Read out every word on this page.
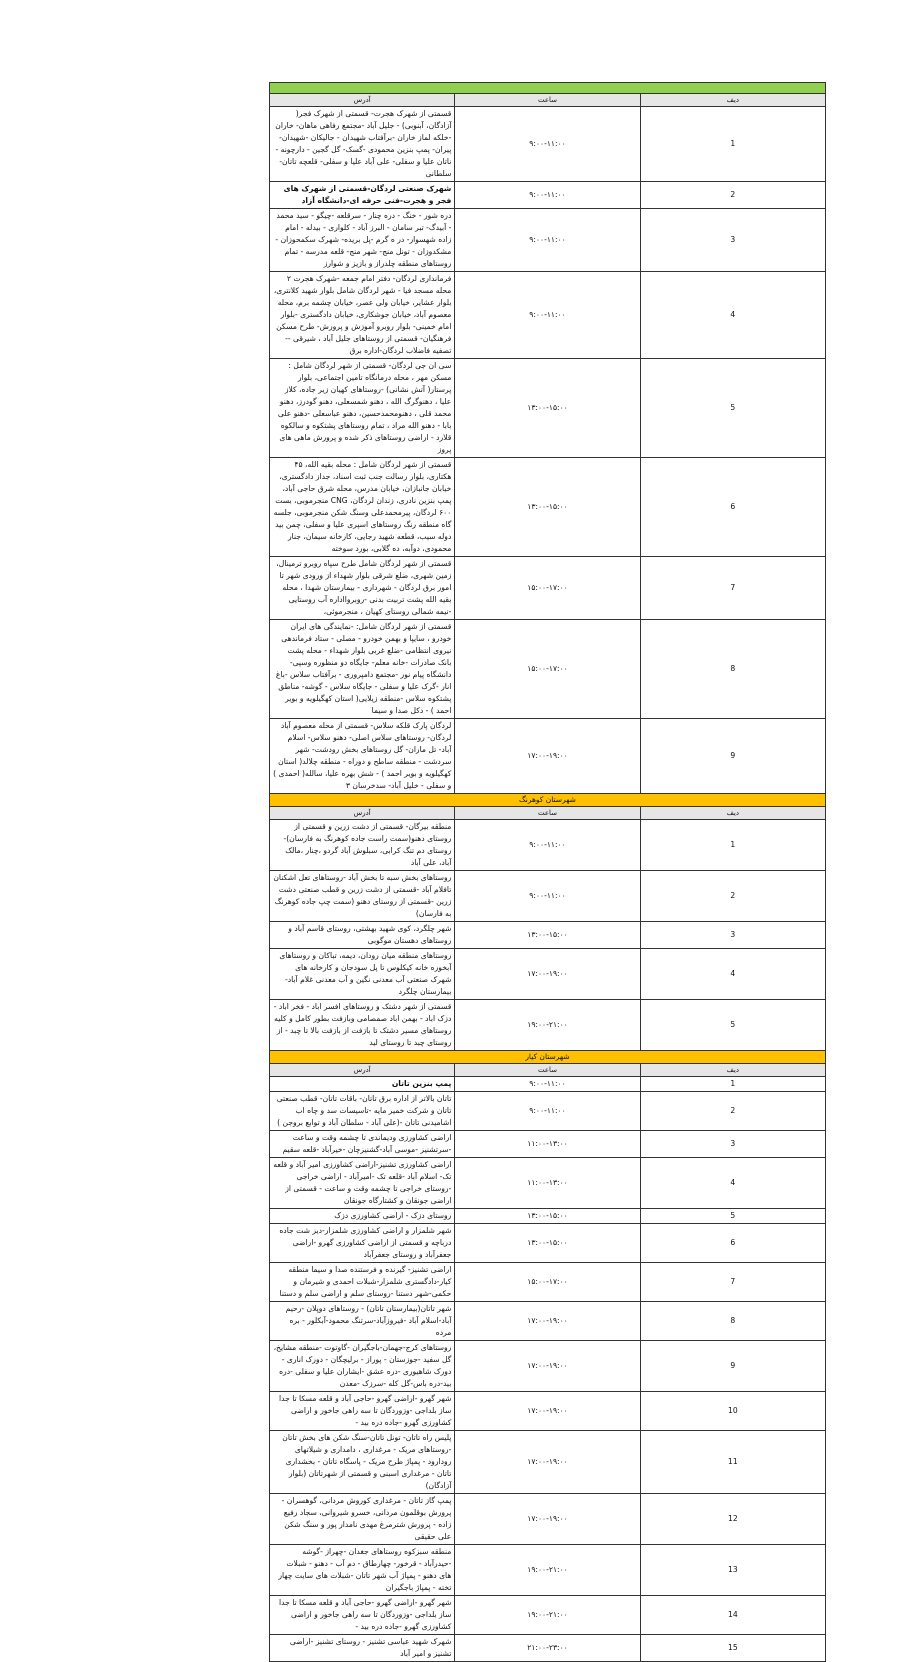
دیف	ساعت	آدرس
1	۹:۰۰-۱۱:۰۰	قسمتی از شهرک هجرت- قسمتی از شهرک فجر( آزادگان، آبنوبی) - جلیل آباد -مجتمع رفاهی ماهان- خاران -خلکه لماز خاران -برآفتاب شهیدان - جالیکان -شهیدان- پیران- پمپ بنزین محمودی -گسک- گل گجین - دارچونه - ناتان علیا و سفلی- علی آباد علیا و سفلی- قلعچه تاتان- سلطانی
2	۹:۰۰-۱۱:۰۰	شهرک صنعتی لردگان-قسمتی از شهرک های فجر و هجرت-فنی حرفه ای-دانشگاه آزاد
3	۹:۰۰-۱۱:۰۰	دره شور - خنگ - دره چنار - سرقلعه -چیگو - سید محمد - آبیدگ- تبر سامان - البرز آباد - کلواری - بیدله - امام زاده شهسوار- در ه گرم -پل بریده- شهرک سکمحوزان - مشکدوزان - تونل منج- شهر منج- قلعه مدرسه - تمام روستاهای منطقه چلدراز و بازیز و شوارز
4	۹:۰۰-۱۱:۰۰	فرمانداری لردگان- دفتر امام جمعه -شهرک هجرت ۲ محله مسجد فیا - شهر لردگان شامل بلوار شهید کلانتری، بلوار عشایر، خیابان ولی عصر، خیابان چشمه برم، محله معصوم آباد، خیابان جوشکاری، خیابان دادگستری -بلوار امام خمینی- بلوار روبرو آموزش و پرورش- طرح مسکن فرهنگیان- قسمتی از روستاهای جلیل آباد ، شیرقی -- تصفیه فاضلاب لردگان-اداره برق
5	۱۳:۰۰-۱۵:۰۰	سی ان جی لردگان- قسمتی از شهر لردگان شامل : مسکن مهر ، محله درمانگاه تامین اجتماعی، بلوار پرستار( آتش نشانی) -روستاهای کهیان زیر جاده، کلاز علیا ، دهنوگرگ الله ، دهنو شمسعلی، دهنو گودرز، دهنو محمد قلی ، دهنومحمدحسین، دهنو عباسعلی -دهنو علی بابا - دهنو الله مراد ، تمام روستاهای پشتکوه و سالکوه قلارد - اراضی روستاهای ذکر شده و پرورش ماهی های پروز
6	۱۳:۰۰-۱۵:۰۰	قسمتی از شهر لردگان شامل : محله بقیه الله، ۴۵ هکتاری، بلوار رسالت جنب ثبت اسناد، جداز دادگستری، خیابان جانبازان، خیابان مدرس، محله شرق حاجی آباد، پمپ بنزین نادری، زندان لردگان، CNG منجرموبی، بست ۶۰۰ لردگان، پیرمحمدعلی وسنگ شکن منجرموبی، جلسه گاه منطقه رنگ روستاهای اسپری علیا و سفلی، چمن بید دوله سیب، قطعه شهید رجایی، کارخانه سیمان، جنار محمودی، دوآبه، ده گلابی، بورد سوخته
7	۱۵:۰۰-۱۷:۰۰	قسمتی از شهر لردگان شامل طرح سپاه روبرو ترمینال، زمین شهری، ضلع شرقی بلوار شهداء از ورودی شهر تا امور برق لردگان - شهرداری - بیمارستان شهدا ، محله بقیه الله پشت تربیت بدنی -روبروااداره آب روستایی -نیمه شمالی روستای کهیان ، منجرموئی،
8	۱۵:۰۰-۱۷:۰۰	قسمتی از شهر لردگان شامل: -نمایندگی های ایران خودرو ، سایپا و بهمن خودرو - مصلی - ستاد فرماندهی نیروی انتظامی -ضلع غربی بلوار شهداء - محله پشت بانک صادرات -خانه معلم- جایگاه دو منظوره وسپی- دانشگاه پیام نور -مجتمع دامپروری - برآفتاب سلاس -باغ انار -گرک علیا و سفلی - جایگاه سلاس - گوشه- مناطق پشتکوه سلاس -منطقه زیلایی( استان کهگیلویه و بویر احمد ) - دکل صدا و سیما
9	۱۷:۰۰-۱۹:۰۰	لردگان پارک قلکه سلاس- قسمتی از محله معصوم آباد لردگان- روستاهای سلاس اصلی- دهنو سلاس- اسلام آباد- تل ماران- گل روستاهای بخش رودشت- شهر سردشت - منطقه ساطح و دوراه - منطقه چلالد( استان کهگیلویه و بویر احمد ) - شش بهره علیا، سالله( احمدی ) و سفلی - خلیل آباد- سدخرسان ۳
شهرستان کوهرنگ		
دیف	ساعت	آدرس
1	۹:۰۰-۱۱:۰۰	منطقه بیرگان- قسمتی از دشت زرین و قسمتی از روستای دهنو(سمت راست جاده کوهرنگ به فارسان)- روستای دم تنگ کرابی، سبلوش آباد گردو ،چنار ،مالک آباد، علی آباد
2	۹:۰۰-۱۱:۰۰	روستاهای بخش سبه تا بخش آباد -روستاهای تعل اشکنان تافلام آباد -قسمتی از دشت زرین و قطب صنعتی دشت زرین -قسمتی از روستای دهنو (سمت چپ جاده کوهرنگ به فارسان)
3	۱۳:۰۰-۱۵:۰۰	شهر چلگرد، کوی شهید بهشتی، روستای قاسم آباد و روستاهای دهستان موگوبی
4	۱۷:۰۰-۱۹:۰۰	روستاهای منطقه میان رودان، دیمه، تباکان و روستاهای آبخوره خانه کیکلوس تا پل سودجان و کارخانه های شهرک صنعتی آب معدنی نگین و آب معدنی غلام آباد- بیمارستان چلگرد
5	۱۹:۰۰-۲۱:۰۰	قسمتی از شهر دشتک و روستاهای افسر اباد - فخر اباد - دزک اباد - بهمن اباد صمصامی وبازفت بطور کامل و کلیه روستاهای مسیر دشتک تا بازفت از بازفت بالا تا چبد - از روستای چبد تا روستای لید
شهرستان کیار		
دیف	ساعت	آدرس
1	۹:۰۰-۱۱:۰۰	پمپ بنزین تاتان
2	۹:۰۰-۱۱:۰۰	تاتان بالاتر از اداره برق تاتان- باقات تاتان- قطب صنعتی تاتان و شرکت خمیر مایه -تاسیسات سد و چاه اب اشامیدنی تاتان -(علی آباد - سلطان آباد و توابع بروجن )
3	۱۱:۰۰-۱۳:۰۰	اراضی کشاورزی ودیماندی تا چشمه وقت و ساعت -سرتشنیز -موسی آباد-گشنیزچان -خیرآباد -قلعه سقیم
4	۱۱:۰۰-۱۳:۰۰	اراضی کشاورزی تشنیز-اراضی کشاورزی امیر آباد و قلعه تک- اسلام آباد -قلعه تک -امیرآباد - اراضی خراجی -روستای خراجی تا چشمه وقت و ساعت - قسمتی از اراضی جونقان و کشتارگاه جونقان
5	۱۳:۰۰-۱۵:۰۰	روستای دزک - اراضی کشاورزی دزک
6	۱۳:۰۰-۱۵:۰۰	شهر شلمزار و اراضی کشاورزی شلمزار-دیز شت جاده درباچه و قسمتی از اراضی کشاورزی گهرو -اراضی جعفرآباد و روستای جعفرآباد
7	۱۵:۰۰-۱۷:۰۰	اراضی تشنیز- گیرنده و فرستنده صدا و سیما منطقه کیار-دادگستری شلمزار-شبلات احمدی و شیرمان و حکمی-شهر دستنا -روستای سلم و اراضی سلم و دستنا
8	۱۷:۰۰-۱۹:۰۰	شهر تاتان(بیمارستان تاتان) - روستاهای دوپلان -رحیم آباد-اسلام آباد -فیروزآباد-سرتنگ محمود-آبکلور - بره مرده
9	۱۷:۰۰-۱۹:۰۰	روستاهای کرج-جهمان-باجگیران -گاوتوت -منطقه مشایخ، گل سفید -جوزستان - پوراز - برلیچگان - دورک اناری - دورک شاهیوری -دره عشق -ایشاران علیا و سفلی -دره بید-دره باس-گل کله -سرزک -معدن
10	۱۷:۰۰-۱۹:۰۰	شهر گهرو -اراضی گهرو -حاجی آباد و قلعه مسکا تا جدا ساز بلداجی -وزوردگان تا سه راهی جاخور و اراضی کشاورزی گهرو -جاده دره بید -
11	۱۷:۰۰-۱۹:۰۰	پلیس راه تاتان- تونل تاتان-سنگ شکن های بخش تاتان -روستاهای مریک - مرغداری ، دامداری و شیلاتهای رودارود - پمپاژ طرح مریک - پاسگاه تاتان - بخشداری تاتان - مرغداری اسبنی و قسمتی از شهرتاتان (بلوار آزادگان)
12	۱۷:۰۰-۱۹:۰۰	پمپ گاز تاتان - مرغداری کوروش مردانی، گوهسران - پرورش بوقلمون مردانی، خسرو شیروانی، سجاد رفیع زاده - پرورش شترمرغ مهدی نامدار پور و سنگ شکن علی حقیقی
13	۱۹:۰۰-۲۱:۰۰	منطقه سبزکوه روستاهای جغدان -چهراز -گوشه -حیدرآباد - قرخور- چهارطاق - دم آب - دهنو - شبلات های دهنو - پمپاژ آب شهر تاتان -شبلات های سایت چهار تخته - پمپاژ باجگیران
14	۱۹:۰۰-۲۱:۰۰	شهر گهرو -اراضی گهرو -حاجی آباد و قلعه مسکا تا جدا ساز بلداجی -وزوردگان تا سه راهی جاخور و اراضی کشاورزی گهرو -جاده دره بید -
15	۲۱:۰۰-۲۳:۰۰	شهرک شهید عباسی تشنیز - روستای تشنیز -اراضی تشنیز و امیر آباد
